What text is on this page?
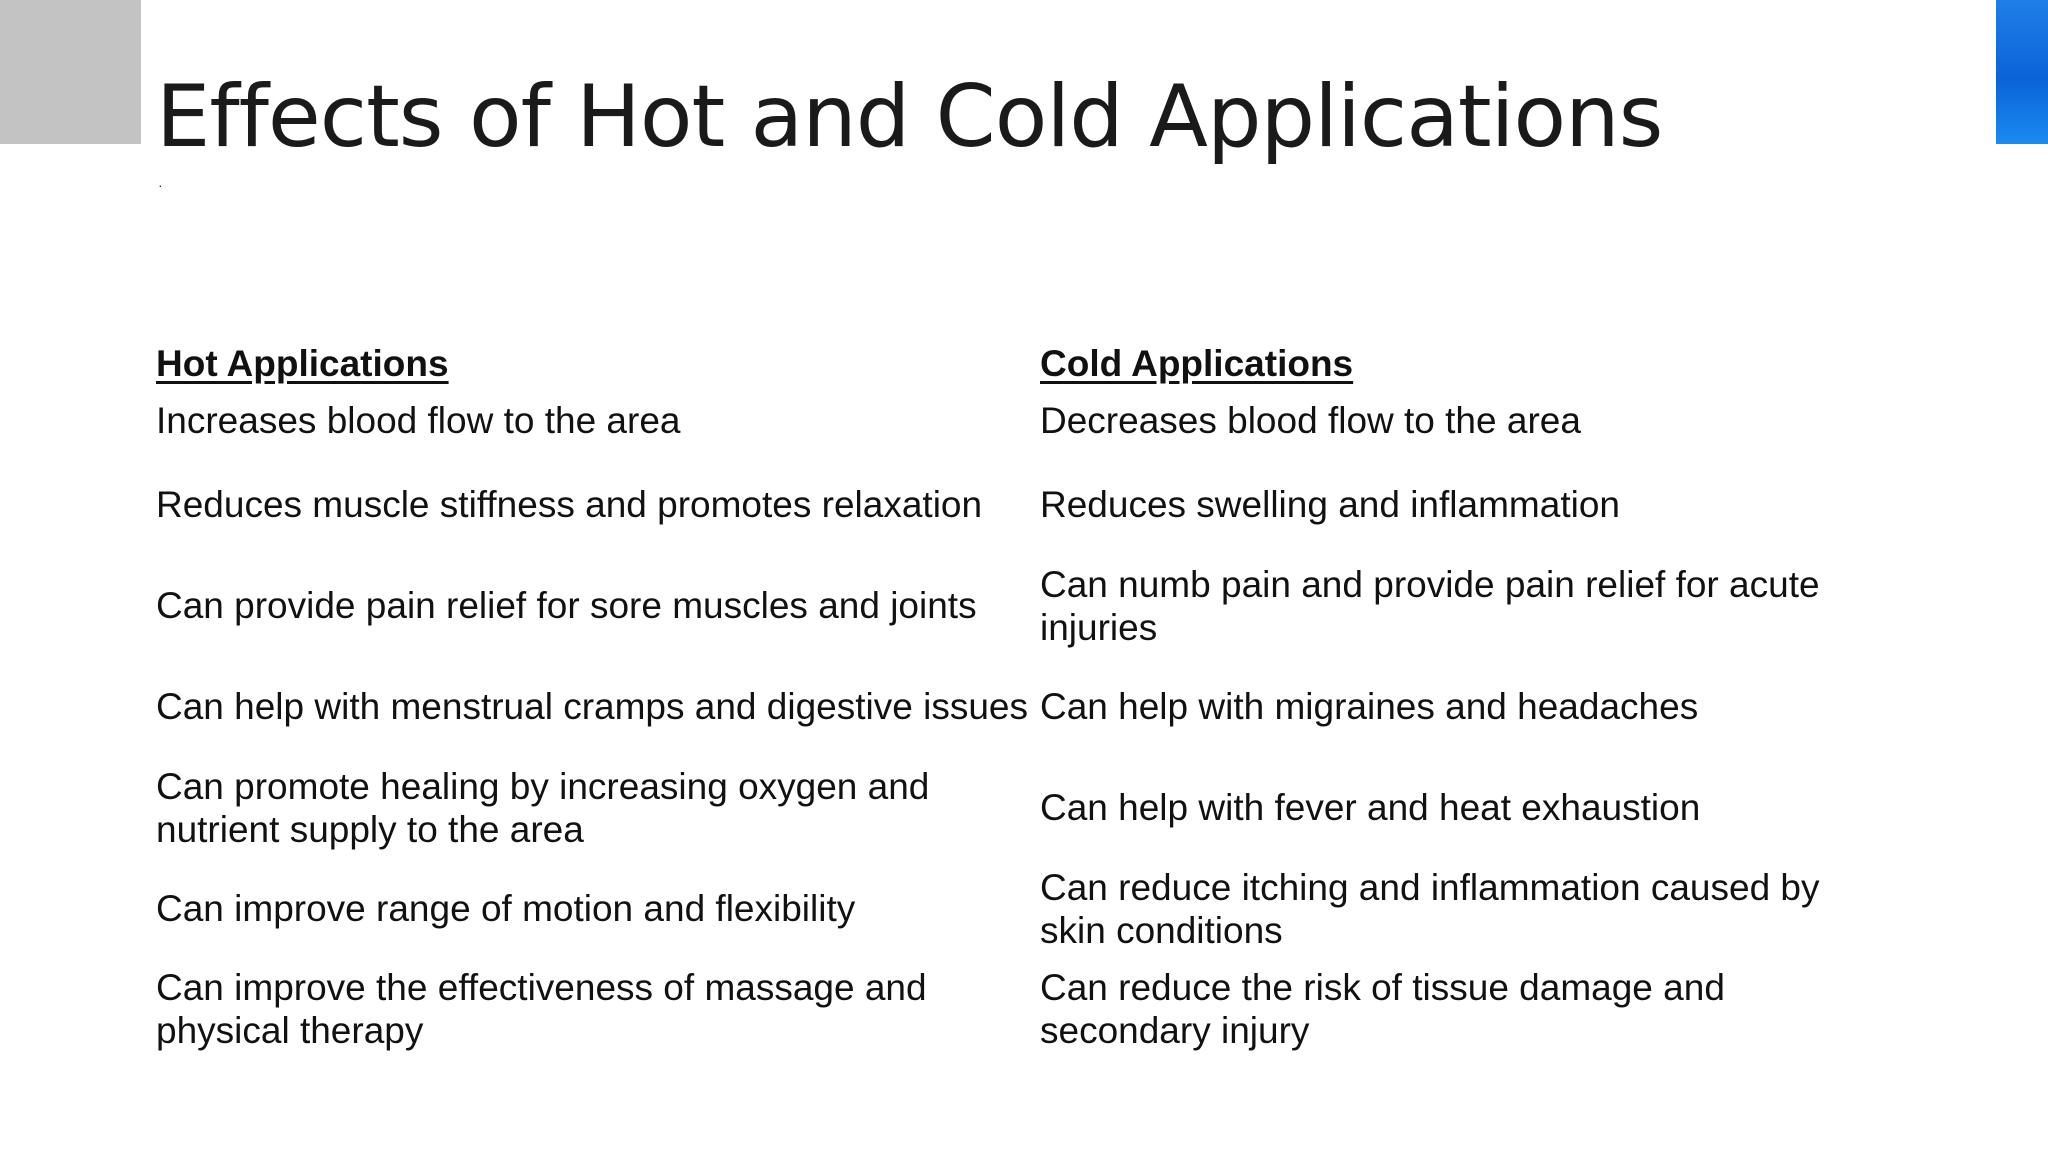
Effects of Hot and Cold Applications
·
Hot Applications	Cold Applications
Increases blood flow to the area	Decreases blood flow to the area
Reduces muscle stiffness and promotes relaxation	Reduces swelling and inflammation
Can provide pain relief for sore muscles and joints	Can numb pain and provide pain relief for acute injuries
Can help with menstrual cramps and digestive issues	Can help with migraines and headaches
Can promote healing by increasing oxygen and nutrient supply to the area	Can help with fever and heat exhaustion
Can improve range of motion and flexibility	Can reduce itching and inflammation caused by skin conditions
Can improve the effectiveness of massage and physical therapy	Can reduce the risk of tissue damage and secondary injury
